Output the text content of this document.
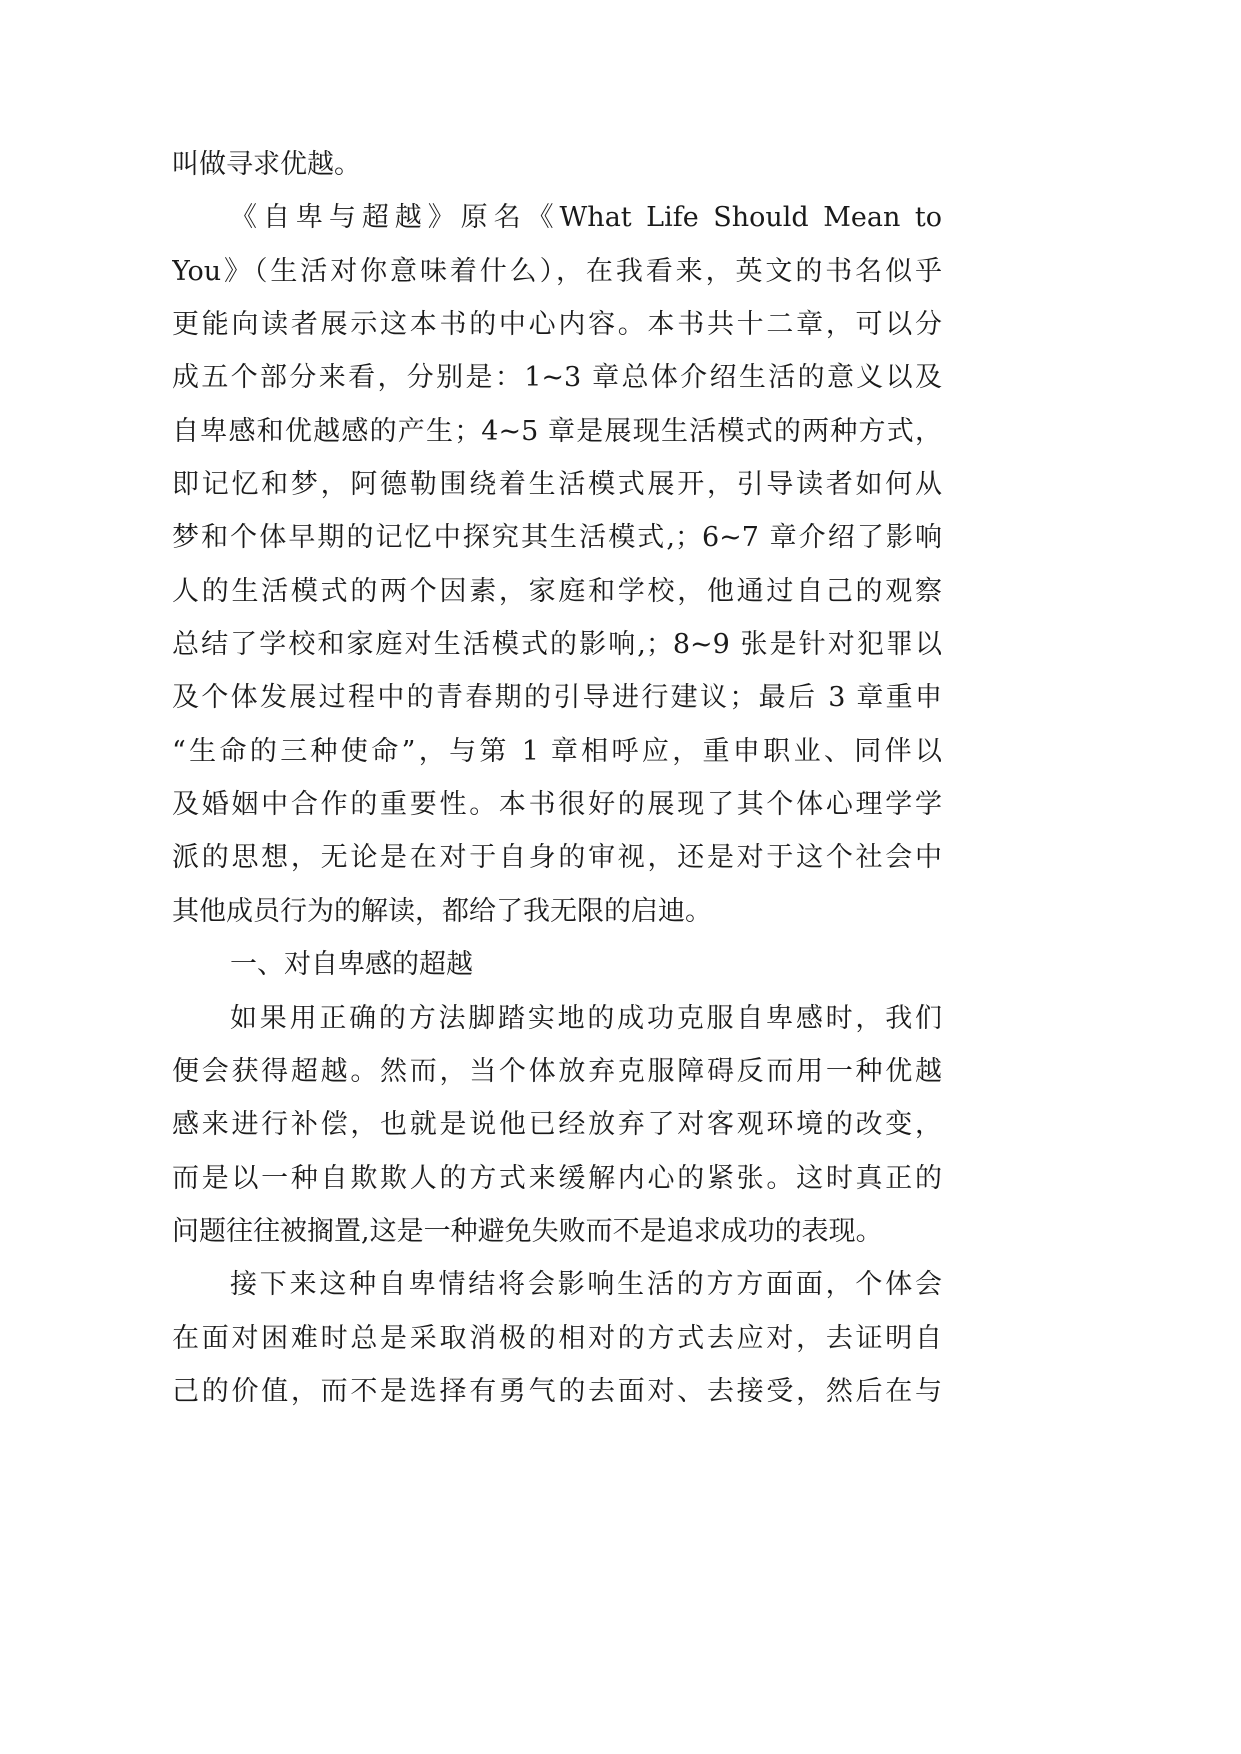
叫做寻求优越。
《自卑与超越》原名《What Life Should Mean to
You》（生活对你意味着什么），在我看来，英文的书名似乎
更能向读者展示这本书的中心内容。本书共十二章，可以分
成五个部分来看，分别是：1~3 章总体介绍生活的意义以及
自卑感和优越感的产生；4~5 章是展现生活模式的两种方式，
即记忆和梦，阿德勒围绕着生活模式展开，引导读者如何从
梦和个体早期的记忆中探究其生活模式,；6~7 章介绍了影响
人的生活模式的两个因素，家庭和学校，他通过自己的观察
总结了学校和家庭对生活模式的影响,；8~9 张是针对犯罪以
及个体发展过程中的青春期的引导进行建议；最后 3 章重申
“生命的三种使命”，与第 1 章相呼应，重申职业、同伴以
及婚姻中合作的重要性。本书很好的展现了其个体心理学学
派的思想，无论是在对于自身的审视，还是对于这个社会中
其他成员行为的解读，都给了我无限的启迪。
一、对自卑感的超越
如果用正确的方法脚踏实地的成功克服自卑感时，我们
便会获得超越。然而，当个体放弃克服障碍反而用一种优越
感来进行补偿，也就是说他已经放弃了对客观环境的改变，
而是以一种自欺欺人的方式来缓解内心的紧张。这时真正的
问题往往被搁置,这是一种避免失败而不是追求成功的表现。
接下来这种自卑情结将会影响生活的方方面面，个体会
在面对困难时总是采取消极的相对的方式去应对，去证明自
己的价值，而不是选择有勇气的去面对、去接受，然后在与
